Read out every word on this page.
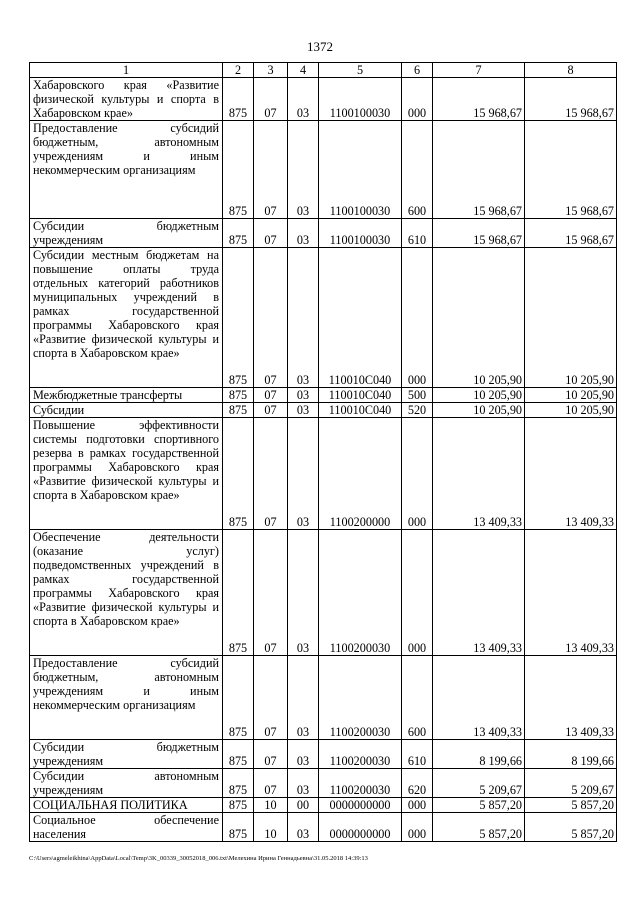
1372
1	2	3	4	5	6	7	8
Хабаровского края «Развитие физической культуры и спорта в Хабаровском крае»	875	07	03	1100100030	000	15 968,67	15 968,67
Предоставление субсидий бюджетным, автономным учреждениям и иным некоммерческим организациям	875	07	03	1100100030	600	15 968,67	15 968,67
Субсидии бюджетным учреждениям	875	07	03	1100100030	610	15 968,67	15 968,67
Субсидии местным бюджетам на повышение оплаты труда отдельных категорий работников муниципальных учреждений в рамках государственной программы Хабаровского края «Развитие физической культуры и спорта в Хабаровском крае»	875	07	03	110010С040	000	10 205,90	10 205,90
Межбюджетные трансферты	875	07	03	110010С040	500	10 205,90	10 205,90
Субсидии	875	07	03	110010С040	520	10 205,90	10 205,90
Повышение эффективности системы подготовки спортивного резерва в рамках государственной программы Хабаровского края «Развитие физической культуры и спорта в Хабаровском крае»	875	07	03	1100200000	000	13 409,33	13 409,33
Обеспечение деятельности (оказание услуг) подведомственных учреждений в рамках государственной программы Хабаровского края «Развитие физической культуры и спорта в Хабаровском крае»	875	07	03	1100200030	000	13 409,33	13 409,33
Предоставление субсидий бюджетным, автономным учреждениям и иным некоммерческим организациям	875	07	03	1100200030	600	13 409,33	13 409,33
Субсидии бюджетным учреждениям	875	07	03	1100200030	610	8 199,66	8 199,66
Субсидии автономным учреждениям	875	07	03	1100200030	620	5 209,67	5 209,67
СОЦИАЛЬНАЯ ПОЛИТИКА	875	10	00	0000000000	000	5 857,20	5 857,20
Социальное обеспечение населения	875	10	03	0000000000	000	5 857,20	5 857,20
C:\Users\agmeleikhina\AppData\Local\Temp\3K_00339_30052018_006.txt\Мелехина Ирина Геннадьевна\31.05.2018 14:39:13
